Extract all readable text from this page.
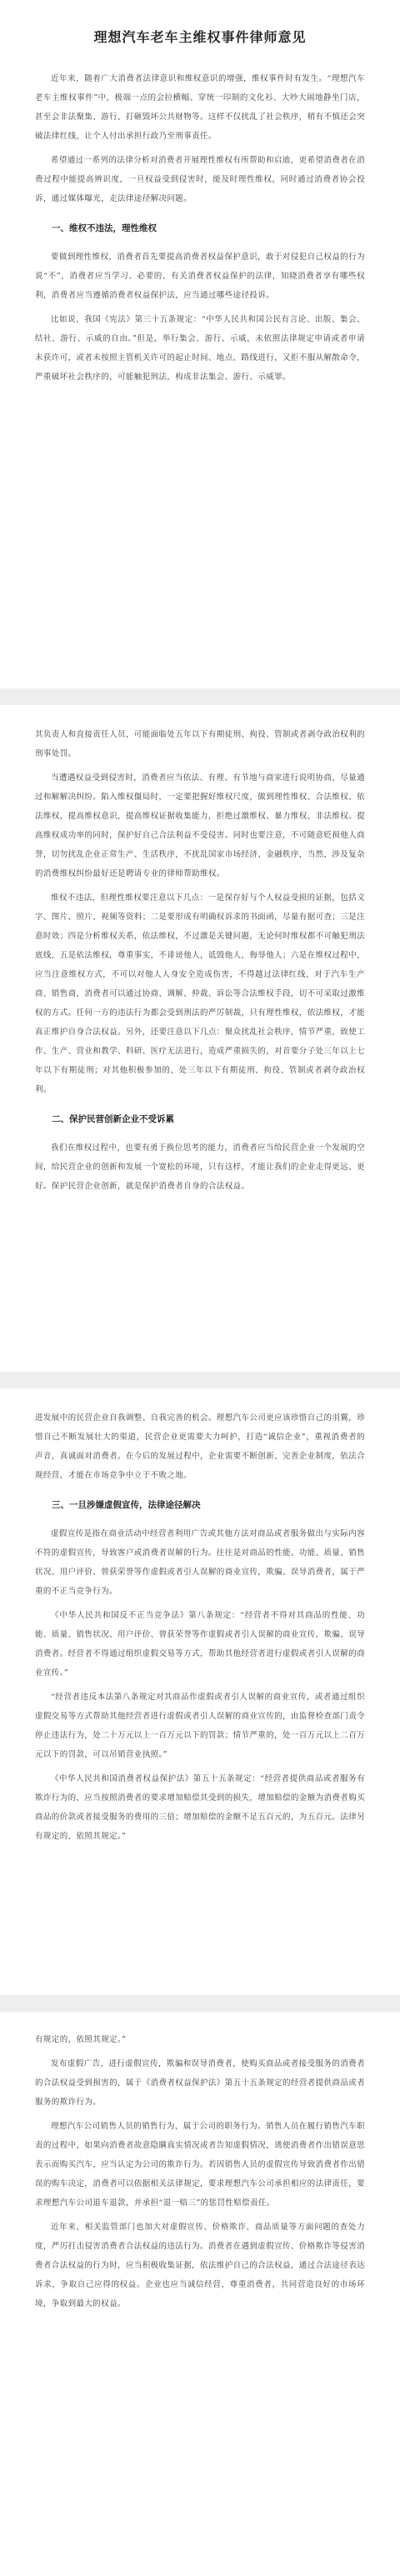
理想汽车老车主维权事件律师意见

近年来，随着广大消费者法律意识和维权意识的增强，维权事件时有发生。“理想汽车老车主维权事件”中，极端一点的会拉横幅、穿统一印制的文化衫、大吵大闹地静坐门店，甚至会非法聚集、游行、打砸毁坏公共财物等。这样不仅扰乱了社会秩序，稍有不慎还会突破法律红线，让个人付出承担行政乃至刑事责任。

希望通过一系列的法律分析对消费者开展理性维权有所帮助和启迪，更希望消费者在消费过程中能提高辨识度，一旦权益受到侵害时，能及时理性维权，同时通过消费者协会投诉，通过媒体曝光，走法律途径解决问题。

一、维权不违法，理性维权

要做到理性维权，消费者首先要提高消费者权益保护意识，敢于对侵犯自己权益的行为说“不”，消费者应当学习、必要的、有关消费者权益保护的法律，知晓消费者享有哪些权利，消费者应当遵循消费者权益保护法，应当通过哪些途径投诉。

比如说，我国《宪法》第三十五条规定：“中华人民共和国公民有言论、出版、集会、结社、游行、示威的自由。”但是，举行集会、游行、示威，未依照法律规定申请或者申请未获许可，或者未按照主管机关许可的起止时间、地点、路线进行，又拒不服从解散命令，严重破坏社会秩序的，可能触犯刑法，构成非法集会、游行、示威罪。

其负责人和直接责任人员，可能面临处五年以下有期徒刑、拘役、管制或者剥夺政治权利的刑事处罚。

当遭遇权益受到侵害时，消费者应当依法、有理、有节地与商家进行说明协商，尽量通过和解解决纠纷。陷入维权僵局时，一定要把握好维权尺度，做到理性维权、合法维权、依法维权，提高维权意识，提高维权证据收集能力，拒绝过激维权、暴力维权、非法维权。提高维权成功率的同时，保护好自己合法利益不受侵害。同时也要注意，不可随意贬损他人商誉，切勿扰乱企业正常生产、生活秩序，不扰乱国家市场经济、金融秩序，当然，涉及复杂的消费维权纠纷最好还是聘请专业的律师帮助维权。

维权不违法，但理性维权要注意以下几点：一是保存好与个人权益受损的证据，包括文字、图片、照片、视频等资料；二是要形成有明确权诉求的书面函，尽量有据可查；三是注意时效；四是分析维权关系，依法维权，不过激是关键问题，无论何时维权都不可触犯刑法底线，五是依法维权，尊重事实，不诽谤他人，诋毁他人，侮辱他人；六是在维权过程中，应当注意维权方式，不可以对他人人身安全造成伤害，不得越过法律红线，对于汽车生产商、销售商，消费者可以通过协商、调解、仲裁、诉讼等合法维权手段，切不可采取过激维权的方式。任何一方的违法行为都会受到刑法的严厉制裁，只有理性维权，依法维权，才能真正维护自身合法权益。另外，还要注意以下几点：聚众扰乱社会秩序，情节严重，致使工作、生产、营业和教学、科研、医疗无法进行，造成严重损失的，对首要分子处三年以上七年以下有期徒刑；对其他积极参加的，处三年以下有期徒刑、拘役、管制或者剥夺政治权利。

二、保护民营创新企业不受诉累

我们在维权过程中，也要有勇于换位思考的能力，消费者应当给民营企业一个发展的空间，给民营企业的创新和发展一个宽松的环境，只有这样，才能让我们的企业走得更远、更好。保护民营企业创新，就是保护消费者自身的合法权益。

进发展中的民营企业自我调整、自我完善的机会。理想汽车公司更应该珍惜自己的羽翼，珍惜自己不断发展壮大的渠道，民营企业更需要大力呵护，打造“诚信企业”，重视消费者的声音，真诚面对消费者。在今后的发展过程中，企业需要不断创新、完善企业制度，依法合规经营，才能在市场竞争中立于不败之地。

三、一旦涉嫌虚假宣传，法律途径解决

虚假宣传是指在商业活动中经营者利用广告或其他方法对商品或者服务做出与实际内容不符的虚假宣传，导致客户或消费者误解的行为。往往是对商品的性能、功能、质量、销售状况、用户评价、曾获荣誉等作虚假或者引人误解的商业宣传，欺骗、误导消费者，属于严重的不正当竞争行为。

《中华人民共和国反不正当竞争法》第八条规定：“经营者不得对其商品的性能、功能、质量、销售状况、用户评价、曾获荣誉等作虚假或者引人误解的商业宣传，欺骗、误导消费者。经营者不得通过组织虚假交易等方式，帮助其他经营者进行虚假或者引人误解的商业宣传。”

“经营者违反本法第八条规定对其商品作虚假或者引人误解的商业宣传，或者通过组织虚假交易等方式帮助其他经营者进行虚假或者引人误解的商业宣传的，由监督检查部门责令停止违法行为，处二十万元以上一百万元以下的罚款；情节严重的，处一百万元以上二百万元以下的罚款，可以吊销营业执照。”

《中华人民共和国消费者权益保护法》第五十五条规定：“经营者提供商品或者服务有欺诈行为的，应当按照消费者的要求增加赔偿其受到的损失，增加赔偿的金额为消费者购买商品的价款或者接受服务的费用的三倍；增加赔偿的金额不足五百元的，为五百元。法律另有规定的，依照其规定。”

有规定的，依照其规定。”

发布虚假广告，进行虚假宣传，欺骗和误导消费者，使购买商品或者接受服务的消费者的合法权益受到损害的，属于《消费者权益保护法》第五十五条规定的经营者提供商品或者服务的欺诈行为。

理想汽车公司销售人员的销售行为，属于公司的职务行为。销售人员在履行销售汽车职责的过程中，如果向消费者故意隐瞒真实情况或者告知虚假情况，诱使消费者作出错误意思表示而购买汽车，应当认定为公司的欺诈行为。若因销售人员的虚假宣传导致消费者作出错误的购车决定，消费者可以依据相关法律规定，要求理想汽车公司承担相应的法律责任，要求理想汽车公司退车退款，并承担“退一赔三”的惩罚性赔偿责任。

近年来，相关监管部门也加大对虚假宣传、价格欺诈、商品质量等方面问题的查处力度，严厉打击侵害消费者合法权益的违法行为。消费者在遇到虚假宣传、价格欺诈等侵害消费者合法权益的行为时，应当积极收集证据，依法维护自己的合法权益，通过合法途径表达诉求，争取自己应得的权益。企业也应当诚信经营，尊重消费者，共同营造良好的市场环境，争取到最大的权益。
